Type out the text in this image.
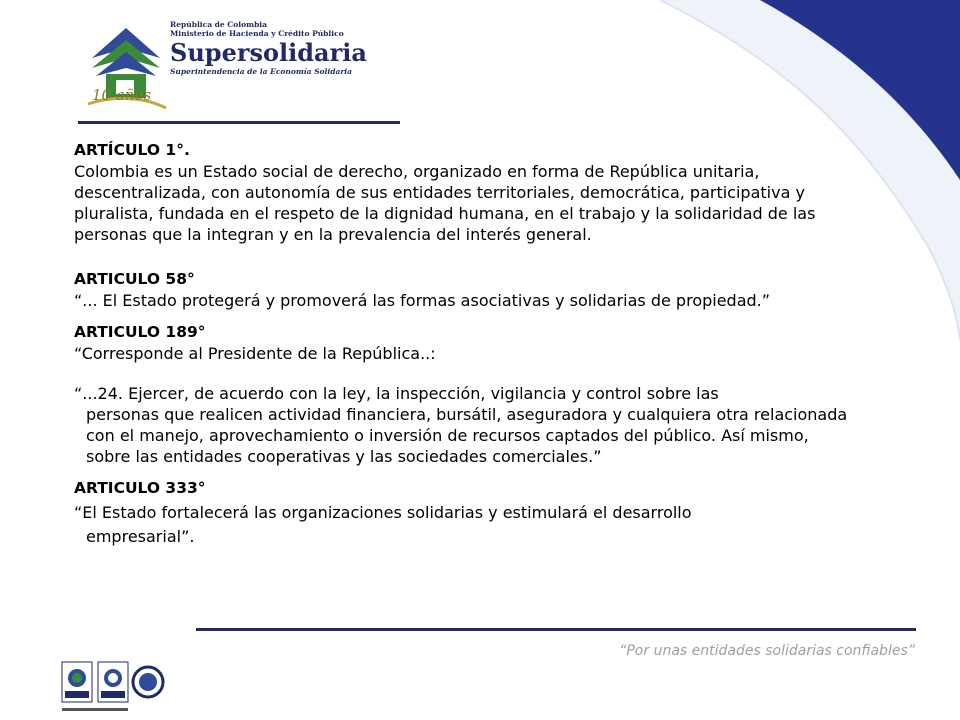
10 años
República de Colombia
Ministerio de Hacienda y Crédito Público
Supersolidaria
Superintendencia de la Economía Solidaria

ARTÍCULO 1°.

Colombia es un Estado social de derecho, organizado en forma de República unitaria, descentralizada, con autonomía de sus entidades territoriales, democrática, participativa y pluralista, fundada en el respeto de la dignidad humana, en el trabajo y la solidaridad de las personas que la integran y en la prevalencia del interés general.

ARTICULO 58°

“... El Estado protegerá y promoverá las formas asociativas y solidarias de propiedad.”

ARTICULO 189°

“Corresponde al Presidente de la República..:

“...24. Ejercer, de acuerdo con la ley, la inspección, vigilancia y control sobre las

personas que realicen actividad financiera, bursátil, aseguradora y cualquiera otra relacionada con el manejo, aprovechamiento o inversión de recursos captados del público. Así mismo, sobre las entidades cooperativas y las sociedades comerciales.”

ARTICULO 333°

“El Estado fortalecerá las organizaciones solidarias y estimulará el desarrollo

empresarial”.

“Por unas entidades solidarias confiables”
